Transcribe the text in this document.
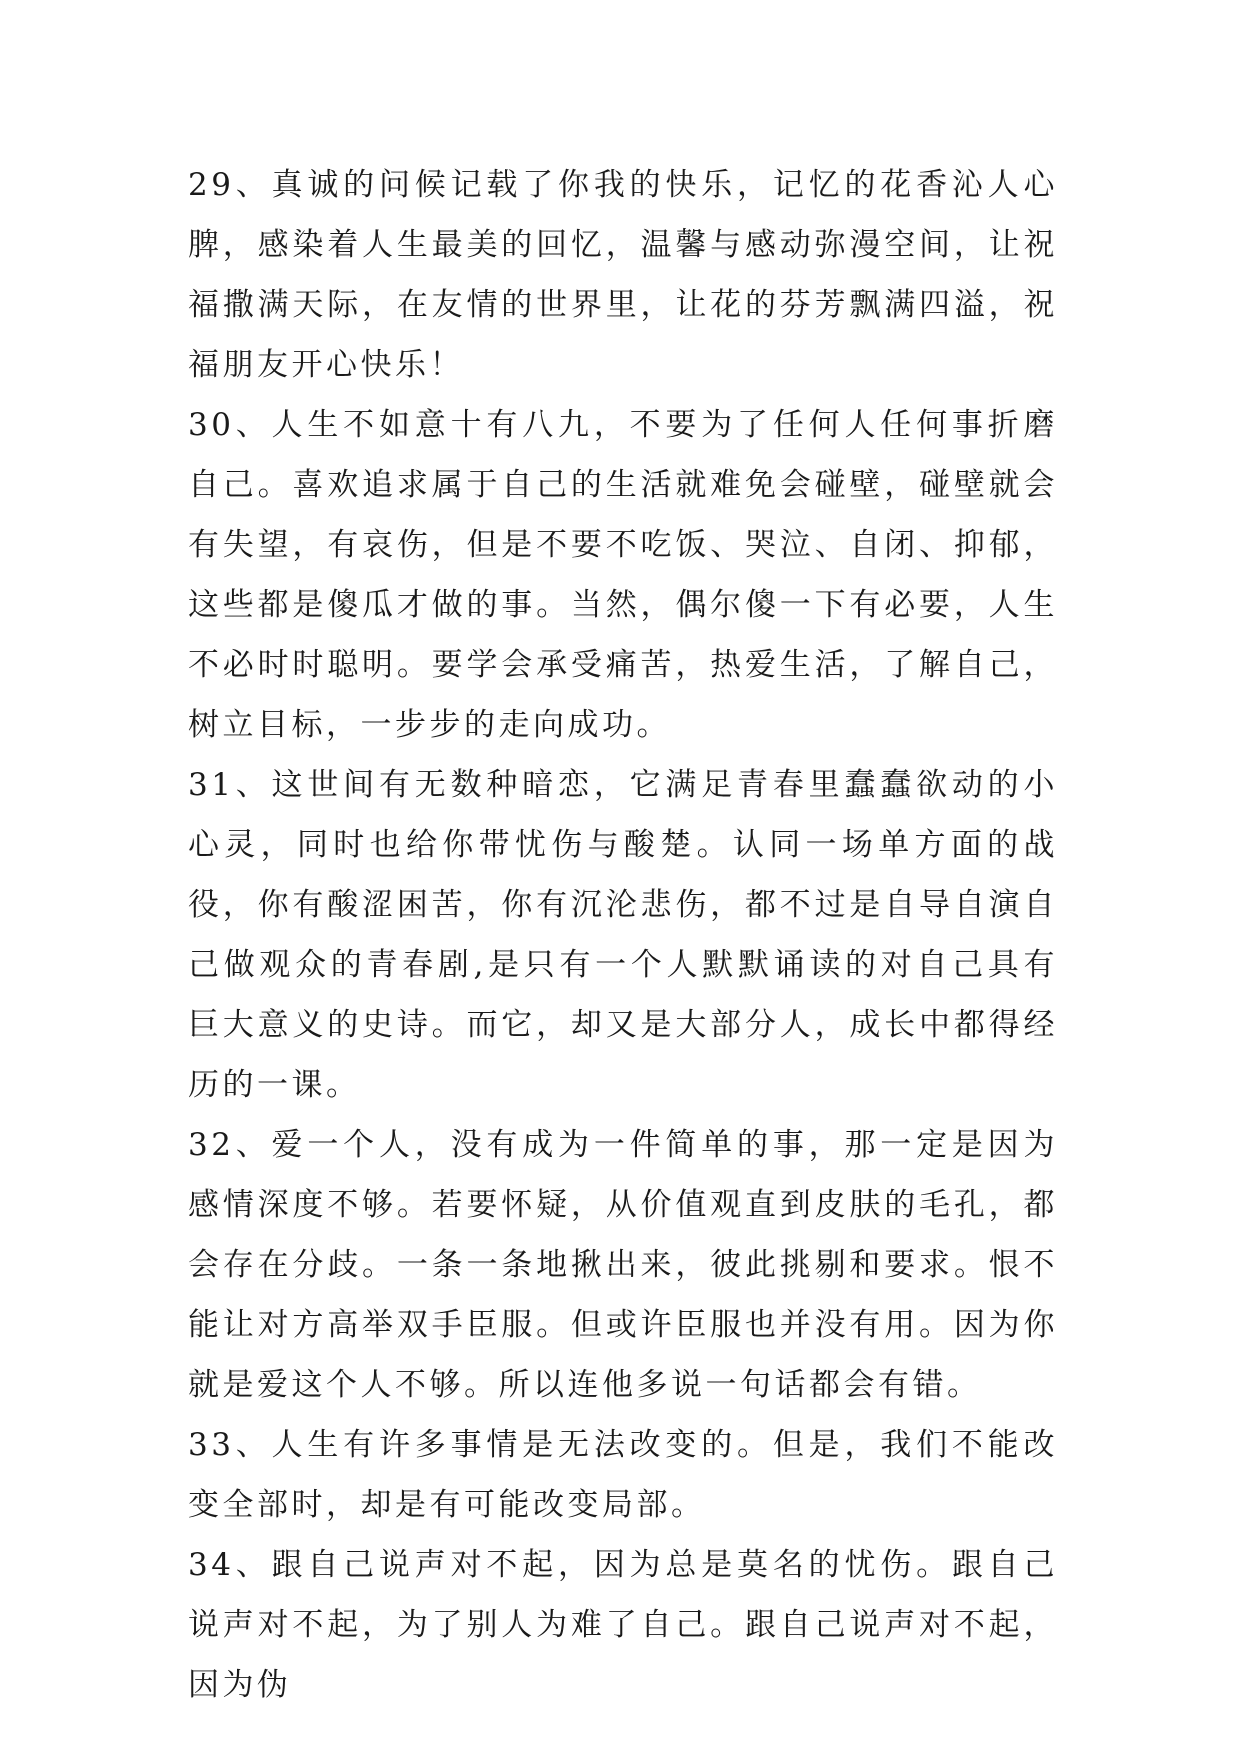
29、真诚的问候记载了你我的快乐，记忆的花香沁人心脾，感染着人生最美的回忆，温馨与感动弥漫空间，让祝福撒满天际，在友情的世界里，让花的芬芳飘满四溢，祝福朋友开心快乐！

30、人生不如意十有八九，不要为了任何人任何事折磨自己。喜欢追求属于自己的生活就难免会碰壁，碰壁就会有失望，有哀伤，但是不要不吃饭、哭泣、自闭、抑郁，这些都是傻瓜才做的事。当然，偶尔傻一下有必要，人生不必时时聪明。要学会承受痛苦，热爱生活，了解自己，树立目标，一步步的走向成功。

31、这世间有无数种暗恋，它满足青春里蠢蠢欲动的小心灵，同时也给你带忧伤与酸楚。认同一场单方面的战役，你有酸涩困苦，你有沉沦悲伤，都不过是自导自演自己做观众的青春剧,是只有一个人默默诵读的对自己具有巨大意义的史诗。而它，却又是大部分人，成长中都得经历的一课。

32、爱一个人，没有成为一件简单的事，那一定是因为感情深度不够。若要怀疑，从价值观直到皮肤的毛孔，都会存在分歧。一条一条地揪出来，彼此挑剔和要求。恨不能让对方高举双手臣服。但或许臣服也并没有用。因为你就是爱这个人不够。所以连他多说一句话都会有错。

33、人生有许多事情是无法改变的。但是，我们不能改变全部时，却是有可能改变局部。

34、跟自己说声对不起，因为总是莫名的忧伤。跟自己说声对不起，为了别人为难了自己。跟自己说声对不起，因为伪
